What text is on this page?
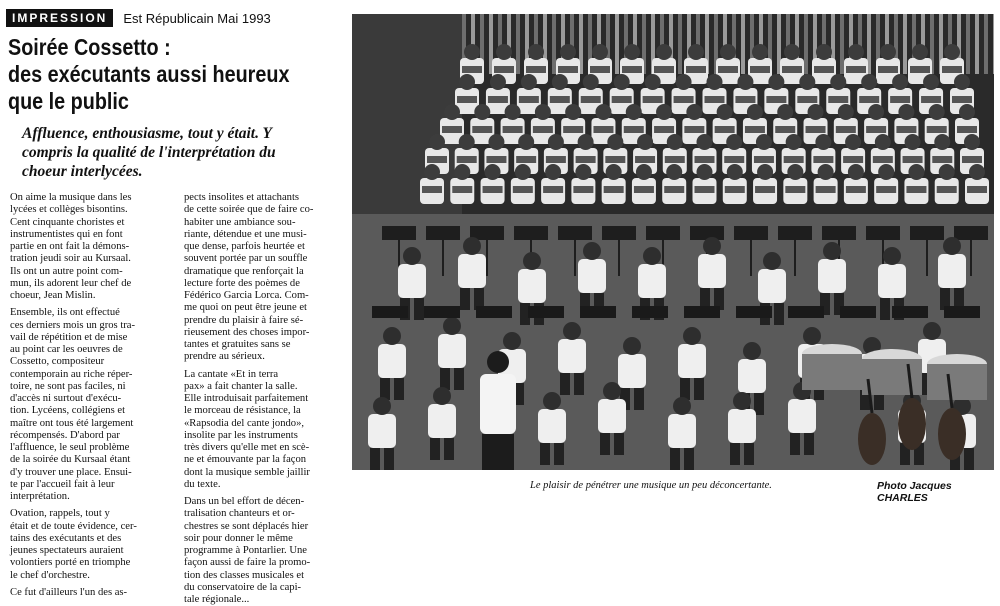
IMPRESSION	Est Républicain Mai 1993
Soirée Cossetto :
des exécutants aussi heureux
que le public
Affluence, enthousiasme, tout y était. Y
compris la qualité de l'interprétation du
choeur interlycées.
On aime la musique dans les
lycées et collèges bisontins.
Cent cinquante choristes et
instrumentistes qui en font
partie en ont fait la démons-
tration jeudi soir au Kursaal.
Ils ont un autre point com-
mun, ils adorent leur chef de
choeur, Jean Mislin.
Ensemble, ils ont effectué
ces derniers mois un gros tra-
vail de répétition et de mise
au point car les oeuvres de
Cossetto, compositeur
contemporain au riche réper-
toire, ne sont pas faciles, ni
d'accès ni surtout d'exécu-
tion. Lycéens, collégiens et
maître ont tous été largement
récompensés. D'abord par
l'affluence, le seul problème
de la soirée du Kursaal étant
d'y trouver une place. Ensui-
te par l'accueil fait à leur
interprétation.
Ovation, rappels, tout y
était et de toute évidence, cer-
tains des exécutants et des
jeunes spectateurs auraient
volontiers porté en triomphe
le chef d'orchestre.
Ce fut d'ailleurs l'un des as-
pects insolites et attachants
de cette soirée que de faire co-
habiter une ambiance sou-
riante, détendue et une musi-
que dense, parfois heurtée et
souvent portée par un souffle
dramatique que renforçait la
lecture forte des poèmes de
Fédérico Garcia Lorca. Com-
me quoi on peut être jeune et
prendre du plaisir à faire sé-
rieusement des choses impor-
tantes et gratuites sans se
prendre au sérieux.
La cantate «Et in terra
pax» a fait chanter la salle.
Elle introduisait parfaitement
le morceau de résistance, la
«Rapsodia del cante jondo»,
insolite par les instruments
très divers qu'elle met en scè-
ne et émouvante par la façon
dont la musique semble jaillir
du texte.
Dans un bel effort de décen-
tralisation chanteurs et or-
chestres se sont déplacés hier
soir pour donner le même
programme à Pontarlier. Une
façon aussi de faire la promo-
tion des classes musicales et
du conservatoire de la capi-
tale régionale...
Le plaisir de pénétrer une musique un peu déconcertante.	Photo Jacques CHARLES
